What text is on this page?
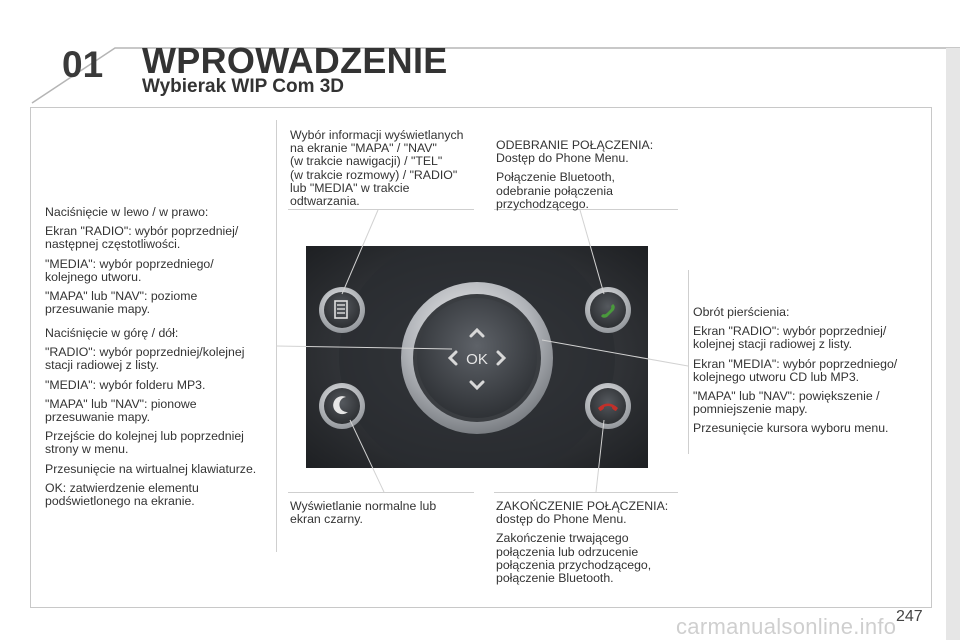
01	WPROWADZENIE
Wybierak WIP Com 3D

Naciśnięcie w lewo / w prawo:

Ekran "RADIO": wybór poprzedniej/
następnej częstotliwości.

"MEDIA": wybór poprzedniego/
kolejnego utworu.

"MAPA" lub "NAV": poziome
przesuwanie mapy.

Naciśnięcie w górę / dół:

"RADIO": wybór poprzedniej/kolejnej
stacji radiowej z listy.

"MEDIA": wybór folderu MP3.

"MAPA" lub "NAV": pionowe
przesuwanie mapy.

Przejście do kolejnej lub poprzedniej
strony w menu.

Przesunięcie na wirtualnej klawiaturze.

OK: zatwierdzenie elementu
podświetlonego na ekranie.

Wybór informacji wyświetlanych
na ekranie "MAPA" / "NAV"
(w trakcie nawigacji) / "TEL"
(w trakcie rozmowy) / "RADIO"
lub "MEDIA" w trakcie
odtwarzania.

ODEBRANIE POŁĄCZENIA:
Dostęp do Phone Menu.

Połączenie Bluetooth,
odebranie połączenia
przychodzącego.

Obrót pierścienia:

Ekran "RADIO": wybór poprzedniej/
kolejnej stacji radiowej z listy.

Ekran "MEDIA": wybór poprzedniego/
kolejnego utworu CD lub MP3.

"MAPA" lub "NAV": powiększenie /
pomniejszenie mapy.

Przesunięcie kursora wyboru menu.

Wyświetlanie normalne lub
ekran czarny.

ZAKOŃCZENIE POŁĄCZENIA:
dostęp do Phone Menu.

Zakończenie trwającego
połączenia lub odrzucenie
połączenia przychodzącego,
połączenie Bluetooth.

OK
carmanualsonline.info 247
